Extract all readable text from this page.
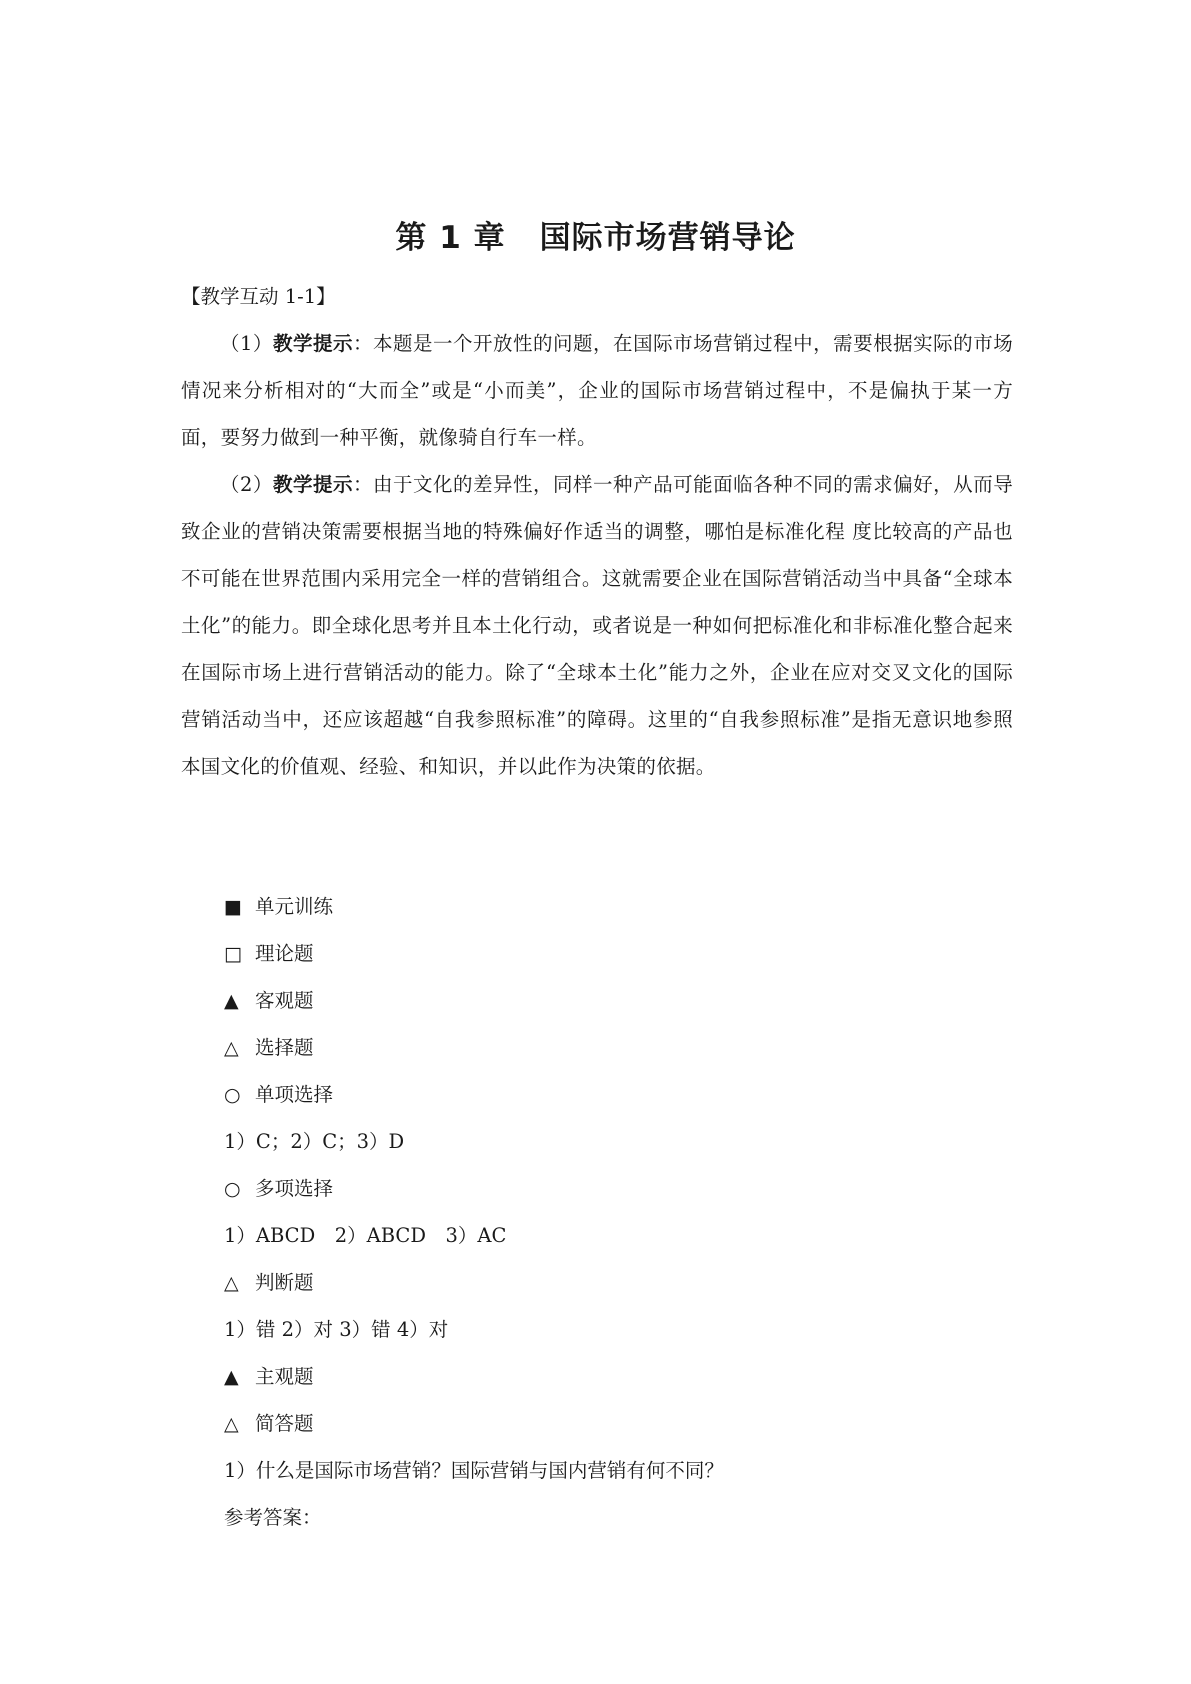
第 1 章 国际市场营销导论
【教学互动 1-1】

（1）教学提示：本题是一个开放性的问题，在国际市场营销过程中，需要根据实际的市场情况来分析相对的“大而全”或是“小而美”，企业的国际市场营销过程中，不是偏执于某一方面，要努力做到一种平衡，就像骑自行车一样。

（2）教学提示：由于文化的差异性，同样一种产品可能面临各种不同的需求偏好，从而导致企业的营销决策需要根据当地的特殊偏好作适当的调整，哪怕是标准化程 度比较高的产品也不可能在世界范围内采用完全一样的营销组合。这就需要企业在国际营销活动当中具备“全球本土化”的能力。即全球化思考并且本土化行动，或者说是一种如何把标准化和非标准化整合起来在国际市场上进行营销活动的能力。除了“全球本土化”能力之外，企业在应对交叉文化的国际营销活动当中，还应该超越“自我参照标准”的障碍。这里的“自我参照标准”是指无意识地参照本国文化的价值观、经验、和知识，并以此作为决策的依据。

■ 单元训练
□ 理论题
▲ 客观题
△ 选择题
○ 单项选择
1）C；2）C；3）D
○ 多项选择
1）ABCD　2）ABCD　3）AC
△ 判断题
1）错 2）对 3）错 4）对
▲ 主观题
△ 简答题
1）什么是国际市场营销？国际营销与国内营销有何不同？
参考答案：
